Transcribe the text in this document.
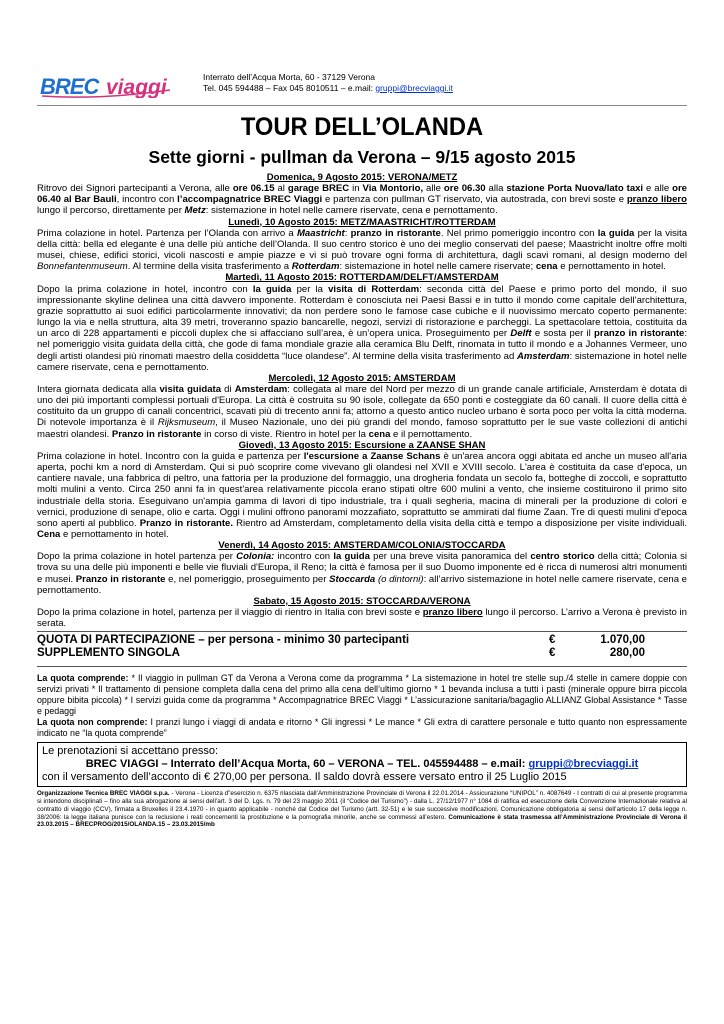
BREC viaggi	Interrato dell’Acqua Morta, 60 - 37129 Verona
Tel. 045 594488 – Fax 045 8010511 – e.mail: gruppi@brecviaggi.it
TOUR DELL’OLANDA
Sette giorni - pullman da Verona – 9/15 agosto 2015

Domenica, 9 Agosto 2015: VERONA/METZ

Ritrovo dei Signori partecipanti a Verona, alle ore 06.15 al garage BREC in Via Montorio, alle ore 06.30 alla stazione Porta Nuova/lato taxi e alle ore 06.40 al Bar Bauli, incontro con l’accompagnatrice BREC Viaggi e partenza con pullman GT riservato, via autostrada, con brevi soste e pranzo libero lungo il percorso, direttamente per Metz: sistemazione in hotel nelle camere riservate, cena e pernottamento.

Lunedì, 10 Agosto 2015: METZ/MAASTRICHT/ROTTERDAM

Prima colazione in hotel. Partenza per l’Olanda con arrivo a Maastricht: pranzo in ristorante. Nel primo pomeriggio incontro con la guida per la visita della città: bella ed elegante è una delle più antiche dell’Olanda. Il suo centro storico è uno dei meglio conservati del paese; Maastricht inoltre offre molti musei, chiese, edifici storici, vicoli nascosti e ampie piazze e vi si può trovare ogni forma di architettura, dagli scavi romani, al design moderno del Bonnefantenmuseum. Al termine della visita trasferimento a Rotterdam: sistemazione in hotel nelle camere riservate; cena e pernottamento in hotel.

Martedì, 11 Agosto 2015: ROTTERDAM/DELFT/AMSTERDAM

Dopo la prima colazione in hotel, incontro con la guida per la visita di Rotterdam: seconda città del Paese e primo porto del mondo, il suo impressionante skyline delinea una città davvero imponente. Rotterdam è conosciuta nei Paesi Bassi e in tutto il mondo come capitale dell’architettura, grazie soprattutto ai suoi edifici particolarmente innovativi; da non perdere sono le famose case cubiche e il nuovissimo mercato coperto permanente: lungo la via e nella struttura, alta 39 metri, troveranno spazio bancarelle, negozi, servizi di ristorazione e parcheggi. La spettacolare tettoia, costituita da un arco di 228 appartamenti e piccoli duplex che si affacciano sull’area, è un’opera unica. Proseguimento per Delft e sosta per il pranzo in ristorante: nel pomeriggio visita guidata della città, che gode di fama mondiale grazie alla ceramica Blu Delft, rinomata in tutto il mondo e a Johannes Vermeer, uno degli artisti olandesi più rinomati maestro della cosiddetta “luce olandese”. Al termine della visita trasferimento ad Amsterdam: sistemazione in hotel nelle camere riservate, cena e pernottamento.

Mercoledì, 12 Agosto 2015: AMSTERDAM

Intera giornata dedicata alla visita guidata di Amsterdam: collegata al mare del Nord per mezzo di un grande canale artificiale, Amsterdam è dotata di uno dei più importanti complessi portuali d'Europa. La città è costruita su 90 isole, collegate da 650 ponti e costeggiate da 60 canali. Il cuore della città è costituito da un gruppo di canali concentrici, scavati più di trecento anni fa; attorno a questo antico nucleo urbano è sorta poco per volta la città moderna. Di notevole importanza è il Rijksmuseum, il Museo Nazionale, uno dei più grandi del mondo, famoso soprattutto per le sue vaste collezioni di antichi maestri olandesi. Pranzo in ristorante in corso di viste. Rientro in hotel per la cena e il pernottamento.

Giovedì, 13 Agosto 2015: Escursione a ZAANSE SHAN

Prima colazione in hotel. Incontro con la guida e partenza per l'escursione a Zaanse Schans è un'area ancora oggi abitata ed anche un museo all'aria aperta, pochi km a nord di Amsterdam. Qui si può scoprire come vivevano gli olandesi nel XVII e XVIII secolo. L'area è costituita da case d'epoca, un cantiere navale, una fabbrica di peltro, una fattoria per la produzione del formaggio, una drogheria fondata un secolo fa, botteghe di zoccoli, e soprattutto molti mulini a vento. Circa 250 anni fa in quest'area relativamente piccola erano stipati oltre 600 mulini a vento, che insieme costituirono il primo sito industriale della storia. Eseguivano un'ampia gamma di lavori di tipo industriale, tra i quali segheria, macina di minerali per la produzione di colori e vernici, produzione di senape, olio e carta. Oggi i mulini offrono panorami mozzafiato, soprattutto se ammirati dal fiume Zaan. Tre di questi mulini d'epoca sono aperti al pubblico. Pranzo in ristorante. Rientro ad Amsterdam, completamento della visita della città e tempo a disposizione per visite individuali. Cena e pernottamento in hotel.

Venerdì, 14 Agosto 2015: AMSTERDAM/COLONIA/STOCCARDA

Dopo la prima colazione in hotel partenza per Colonia: incontro con la guida per una breve visita panoramica del centro storico della città; Colonia si trova su una delle più imponenti e belle vie fluviali d'Europa, il Reno; la città è famosa per il suo Duomo imponente ed è ricca di numerosi altri monumenti e musei. Pranzo in ristorante e, nel pomeriggio, proseguimento per Stoccarda (o dintorni): all’arrivo sistemazione in hotel nelle camere riservate, cena e pernottamento.

Sabato, 15 Agosto 2015: STOCCARDA/VERONA

Dopo la prima colazione in hotel, partenza per il viaggio di rientro in Italia con brevi soste e pranzo libero lungo il percorso. L’arrivo a Verona è previsto in serata.

QUOTA DI PARTECIPAZIONE – per persona - minimo 30 partecipanti	€	1.070,00
SUPPLEMENTO SINGOLA	€	280,00

La quota comprende: * Il viaggio in pullman GT da Verona a Verona come da programma * La sistemazione in hotel tre stelle sup./4 stelle in camere doppie con servizi privati * Il trattamento di pensione completa dalla cena del primo alla cena dell’ultimo giorno * 1 bevanda inclusa a tutti i pasti (minerale oppure birra piccola oppure bibita piccola) * I servizi guida come da programma * Accompagnatrice BREC Viaggi * L’assicurazione sanitaria/bagaglio ALLIANZ Global Assistance * Tasse e pedaggi

La quota non comprende: I pranzi lungo i viaggi di andata e ritorno * Gli ingressi * Le mance * Gli extra di carattere personale e tutto quanto non espressamente indicato ne “la quota comprende”

Le prenotazioni si accettano presso:
BREC VIAGGI – Interrato dell’Acqua Morta, 60 – VERONA – TEL. 045594488 – e.mail: gruppi@brecviaggi.it
con il versamento dell’acconto di € 270,00 per persona. Il saldo dovrà essere versato entro il 25 Luglio 2015
Organizzazione Tecnica BREC VIAGGI s.p.a. - Verona - Licenza d"esercizio n. 6375 rilasciata dall’Amministrazione Provinciale di Verona il 22.01.2014 - Assicurazione “UNIPOL” n. 4087649 - I contratti di cui al presente programma si intendono disciplinati – fino alla sua abrogazione ai sensi dell’art. 3 del D. Lgs. n. 79 del 23 maggio 2011 (il “Codice del Turismo”) - dalla L. 27/12/1977 n° 1084 di ratifica ed esecuzione della Convenzione Internazionale relativa al contratto di viaggio (CCV), firmata a Bruxelles il 23.4.1970 - in quanto applicabile - nonché dal Codice del Turismo (artt. 32-51) e le sue successive modificazioni. Comunicazione obbligatoria ai sensi dell’articolo 17 della legge n. 38/2006: la legge italiana punisce con la reclusione i reati concernenti la prostituzione e la pornografia minorile, anche se commessi all’estero. Comunicazione è stata trasmessa all’Amministrazione Provinciale di Verona il 23.03.2015 – BRECPROG/2015/OLANDA.15 – 23.03.2015/mb
